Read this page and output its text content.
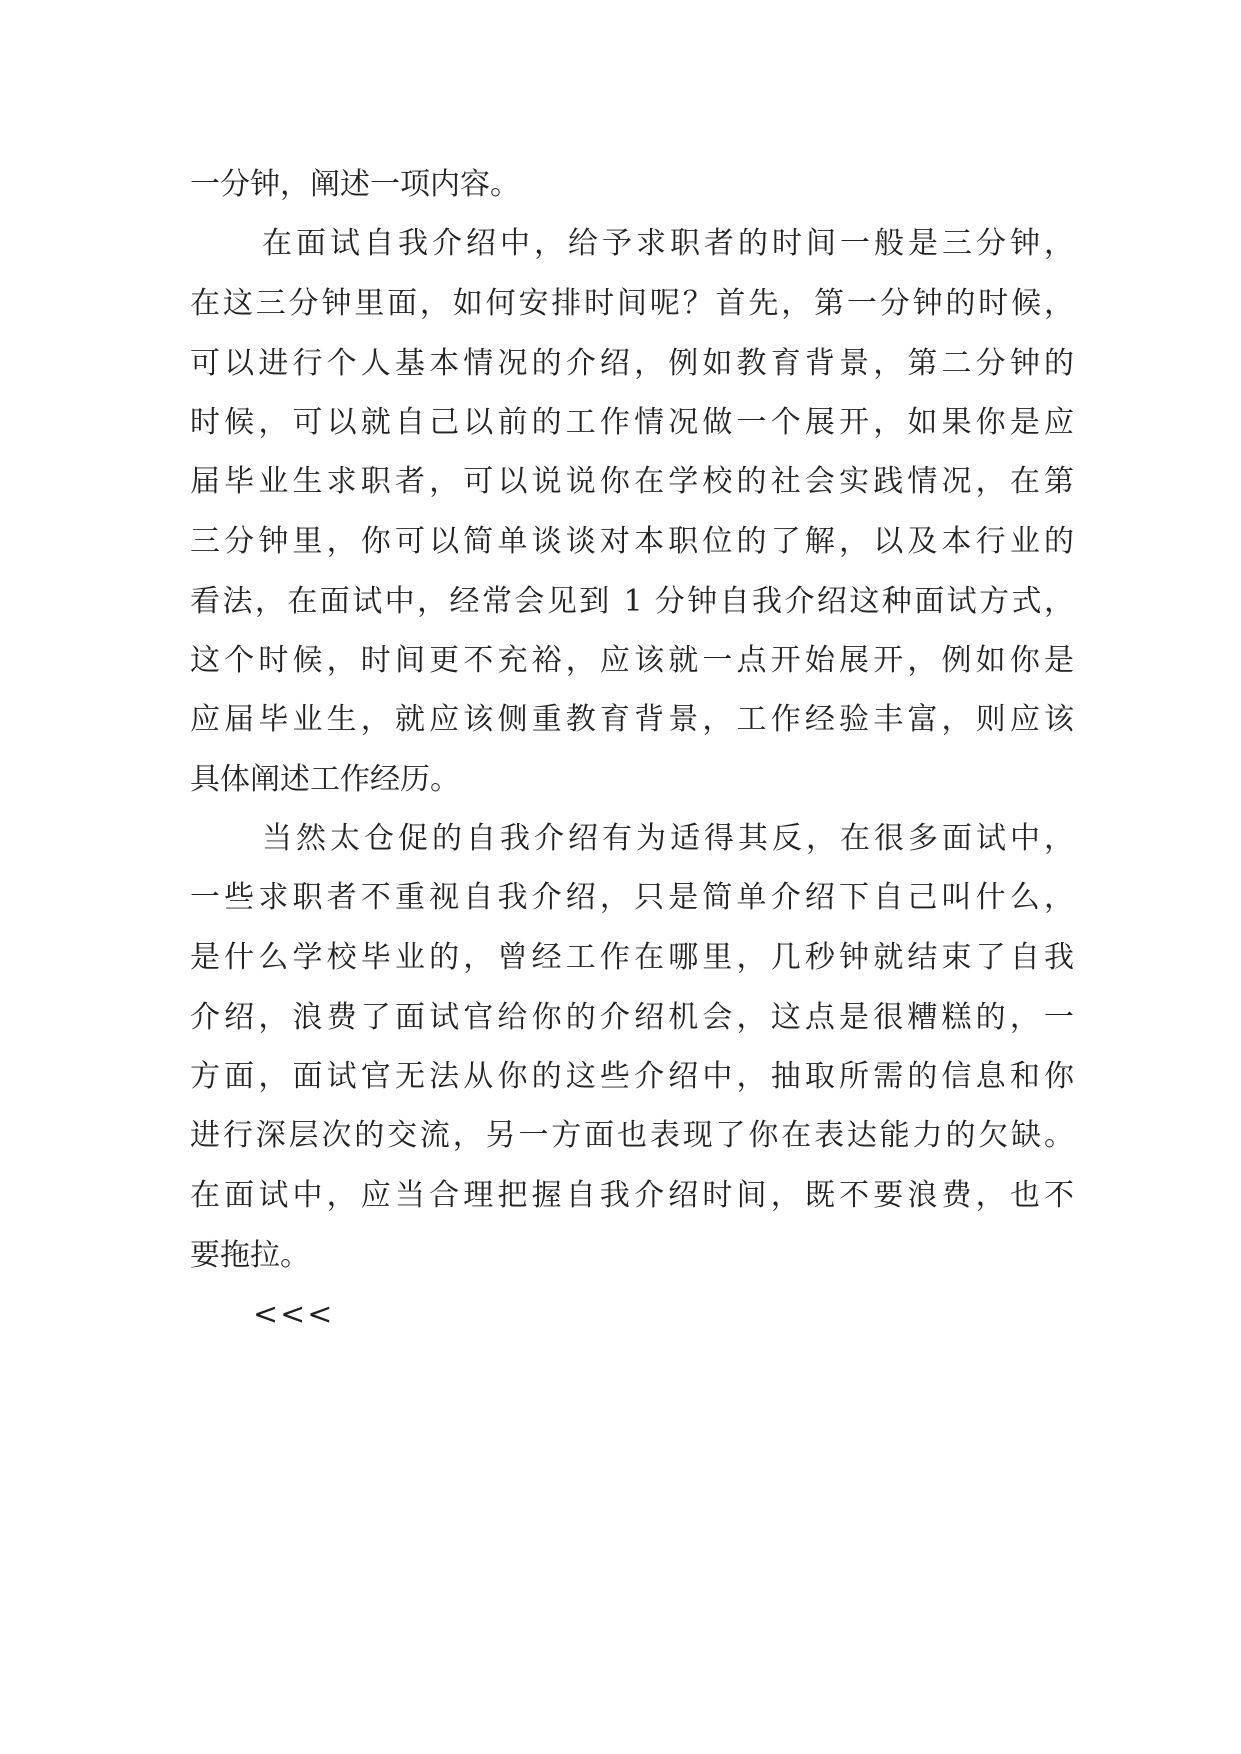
一分钟，阐述一项内容。
在面试自我介绍中，给予求职者的时间一般是三分钟，
在这三分钟里面，如何安排时间呢？首先，第一分钟的时候，
可以进行个人基本情况的介绍，例如教育背景，第二分钟的
时候，可以就自己以前的工作情况做一个展开，如果你是应
届毕业生求职者，可以说说你在学校的社会实践情况，在第
三分钟里，你可以简单谈谈对本职位的了解，以及本行业的
看法，在面试中，经常会见到 1 分钟自我介绍这种面试方式，
这个时候，时间更不充裕，应该就一点开始展开，例如你是
应届毕业生，就应该侧重教育背景，工作经验丰富，则应该
具体阐述工作经历。
当然太仓促的自我介绍有为适得其反，在很多面试中，
一些求职者不重视自我介绍，只是简单介绍下自己叫什么，
是什么学校毕业的，曾经工作在哪里，几秒钟就结束了自我
介绍，浪费了面试官给你的介绍机会，这点是很糟糕的，一
方面，面试官无法从你的这些介绍中，抽取所需的信息和你
进行深层次的交流，另一方面也表现了你在表达能力的欠缺。
在面试中，应当合理把握自我介绍时间，既不要浪费，也不
要拖拉。
<<<
